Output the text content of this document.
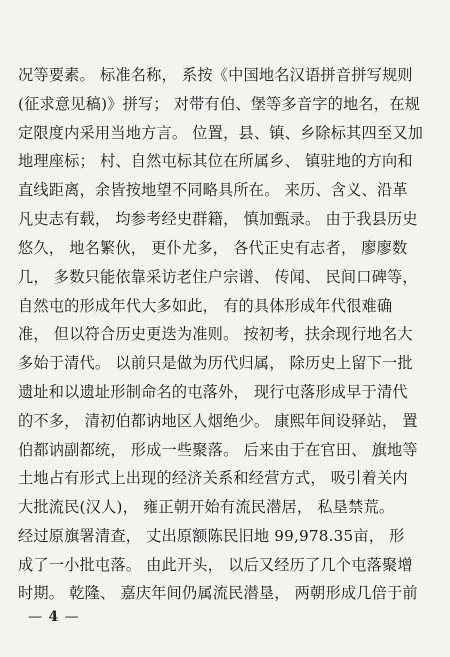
况等要素。 标准名称， 系按《中国地名汉语拼音拼写规则
(征求意见稿)》拼写； 对带有伯、堡等多音字的地名，在规
定限度内采用当地方言。 位置，县、镇、乡除标其四至又加
地理座标； 村、自然屯标其位在所属乡、 镇驻地的方向和
直线距离，余皆按地望不同略具所在。 来历、含义、沿革
凡史志有载， 均参考经史群籍， 慎加甄录。 由于我县历史
悠久， 地名繁伙， 更仆尤多， 各代正史有志者， 廖廖数
几， 多数只能依靠采访老住户宗谱、 传闻、 民间口碑等，
自然屯的形成年代大多如此， 有的具体形成年代很难确
准， 但以符合历史更迭为准则。 按初考，扶余现行地名大
多始于清代。 以前只是做为历代归属， 除历史上留下一批
遗址和以遗址形制命名的屯落外， 现行屯落形成早于清代
的不多， 清初伯都讷地区人烟绝少。 康熙年间设驿站， 置
伯都讷副都统， 形成一些聚落。 后来由于在官田、 旗地等
土地占有形式上出现的经济关系和经营方式， 吸引着关内
大批流民(汉人)， 雍正朝开始有流民潜居， 私垦禁荒。
经过原旗署清查， 丈出原额陈民旧地 99,978.35亩， 形
成了一小批屯落。 由此开头， 以后又经历了几个屯落聚增
时期。 乾隆、 嘉庆年间仍属流民潜垦， 两朝形成几倍于前
— 4 —
